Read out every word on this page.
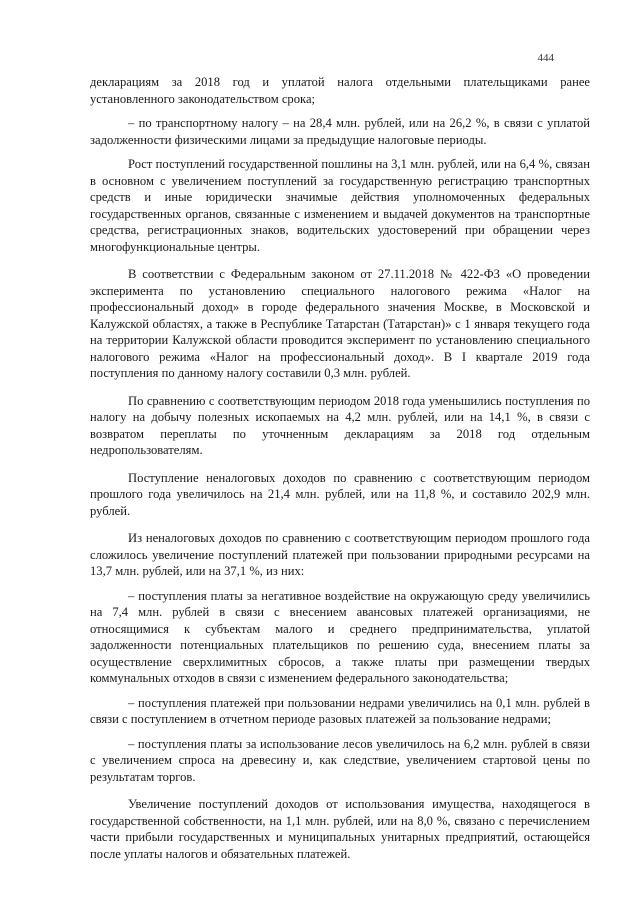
444

декларациям за 2018 год и уплатой налога отдельными плательщиками ранее установленного законодательством срока;

– по транспортному налогу – на 28,4 млн. рублей, или на 26,2 %, в связи с уплатой задолженности физическими лицами за предыдущие налоговые периоды.

Рост поступлений государственной пошлины на 3,1 млн. рублей, или на 6,4 %, связан в основном с увеличением поступлений за государственную регистрацию транспортных средств и иные юридически значимые действия уполномоченных федеральных государственных органов, связанные с изменением и выдачей документов на транспортные средства, регистрационных знаков, водительских удостоверений при обращении через многофункциональные центры.

В соответствии с Федеральным законом от 27.11.2018 № 422-ФЗ «О проведении эксперимента по установлению специального налогового режима «Налог на профессиональный доход» в городе федерального значения Москве, в Московской и Калужской областях, а также в Республике Татарстан (Татарстан)» с 1 января текущего года на территории Калужской области проводится эксперимент по установлению специального налогового режима «Налог на профессиональный доход». В I квартале 2019 года поступления по данному налогу составили 0,3 млн. рублей.

По сравнению с соответствующим периодом 2018 года уменьшились поступления по налогу на добычу полезных ископаемых на 4,2 млн. рублей, или на 14,1 %, в связи с возвратом переплаты по уточненным декларациям за 2018 год отдельным недропользователям.

Поступление неналоговых доходов по сравнению с соответствующим периодом прошлого года увеличилось на 21,4 млн. рублей, или на 11,8 %, и составило 202,9 млн. рублей.

Из неналоговых доходов по сравнению с соответствующим периодом прошлого года сложилось увеличение поступлений платежей при пользовании природными ресурсами на 13,7 млн. рублей, или на 37,1 %, из них:

– поступления платы за негативное воздействие на окружающую среду увеличились на 7,4 млн. рублей в связи с внесением авансовых платежей организациями, не относящимися к субъектам малого и среднего предпринимательства, уплатой задолженности потенциальных плательщиков по решению суда, внесением платы за осуществление сверхлимитных сбросов, а также платы при размещении твердых коммунальных отходов в связи с изменением федерального законодательства;

– поступления платежей при пользовании недрами увеличились на 0,1 млн. рублей в связи с поступлением в отчетном периоде разовых платежей за пользование недрами;

– поступления платы за использование лесов увеличилось на 6,2 млн. рублей в связи с увеличением спроса на древесину и, как следствие, увеличением стартовой цены по результатам торгов.

Увеличение поступлений доходов от использования имущества, находящегося в государственной собственности, на 1,1 млн. рублей, или на 8,0 %, связано с перечислением части прибыли государственных и муниципальных унитарных предприятий, остающейся после уплаты налогов и обязательных платежей.
